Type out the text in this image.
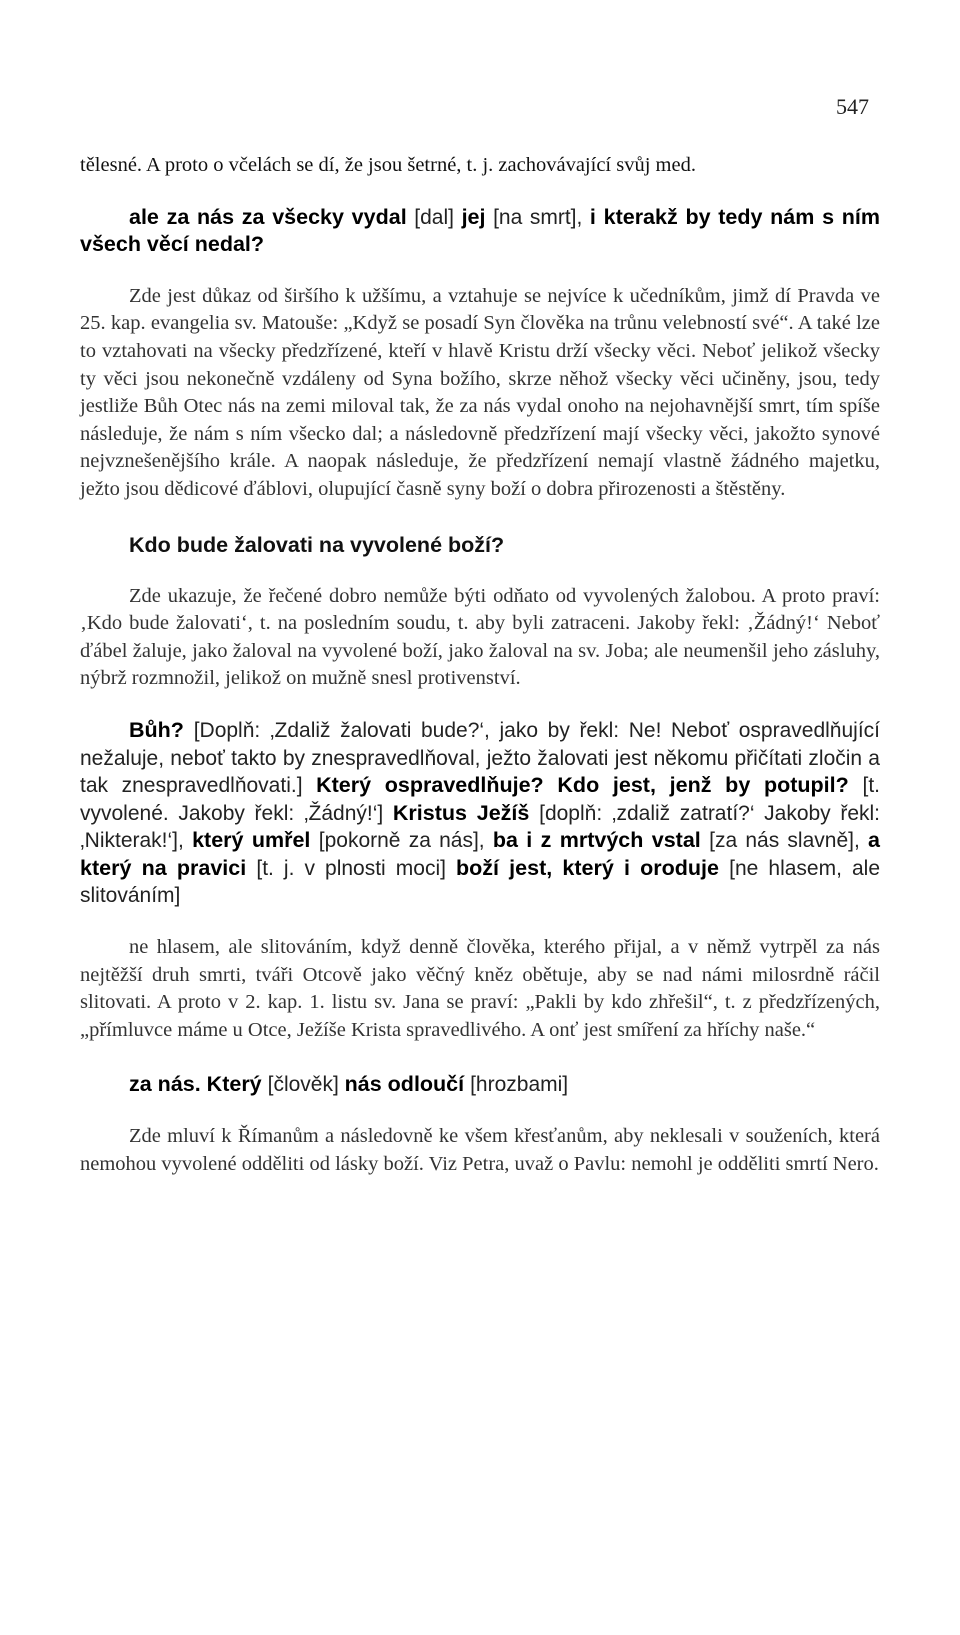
547

tělesné. A proto o včelách se dí, že jsou šetrné, t. j. zachovávající svůj med.

ale za nás za všecky vydal [dal] jej [na smrt], i kterakž by tedy nám s ním všech věcí nedal?

Zde jest důkaz od širšího k užšímu, a vztahuje se nejvíce k učedníkům, jimž dí Pravda ve 25. kap. evangelia sv. Matouše: „Když se posadí Syn člověka na trůnu velebností své“. A také lze to vztahovati na všecky předzřízené, kteří v hlavě Kristu drží všecky věci. Neboť jelikož všecky ty věci jsou nekonečně vzdáleny od Syna božího, skrze něhož všecky věci učiněny, jsou, tedy jestliže Bůh Otec nás na zemi miloval tak, že za nás vydal onoho na nejohavnější smrt, tím spíše následuje, že nám s ním všecko dal; a následovně předzřízení mají všecky věci, jakožto synové nejvznešenějšího krále. A naopak následuje, že předzřízení nemají vlastně žádného majetku, ježto jsou dědicové ďáblovi, olupující časně syny boží o dobra přirozenosti a štěstěny.

Kdo bude žalovati na vyvolené boží?

Zde ukazuje, že řečené dobro nemůže býti odňato od vyvolených žalobou. A proto praví: ‚Kdo bude žalovati‘, t. na posledním soudu, t. aby byli zatraceni. Jakoby řekl: ‚Žádný!‘ Neboť ďábel žaluje, jako žaloval na vyvolené boží, jako žaloval na sv. Joba; ale neumenšil jeho zásluhy, nýbrž rozmnožil, jelikož on mužně snesl protivenství.

Bůh? [Doplň: ‚Zdaliž žalovati bude?‘, jako by řekl: Ne! Neboť ospravedlňující nežaluje, neboť takto by znespravedlňoval, ježto žalovati jest někomu přičítati zločin a tak znespravedlňovati.] Který ospravedlňuje? Kdo jest, jenž by potupil? [t. vyvolené. Jakoby řekl: ‚Žádný!‘] Kristus Ježíš [doplň: ‚zdaliž zatratí?‘ Jakoby řekl: ‚Nikterak!‘], který umřel [pokorně za nás], ba i z mrtvých vstal [za nás slavně], a který na pravici [t. j. v plnosti moci] boží jest, který i oroduje [ne hlasem, ale slitováním]

ne hlasem, ale slitováním, když denně člověka, kterého přijal, a v němž vytrpěl za nás nejtěžší druh smrti, tváři Otcově jako věčný kněz obětuje, aby se nad námi milosrdně ráčil slitovati. A proto v 2. kap. 1. listu sv. Jana se praví: „Pakli by kdo zhřešil“, t. z předzřízených, „přímluvce máme u Otce, Ježíše Krista spravedlivého. A onť jest smíření za hříchy naše.“

za nás. Který [člověk] nás odloučí [hrozbami]

Zde mluví k Římanům a následovně ke všem křesťanům, aby neklesali v souženích, která nemohou vyvolené odděliti od lásky boží. Viz Petra, uvaž o Pavlu: nemohl je odděliti smrtí Nero.
